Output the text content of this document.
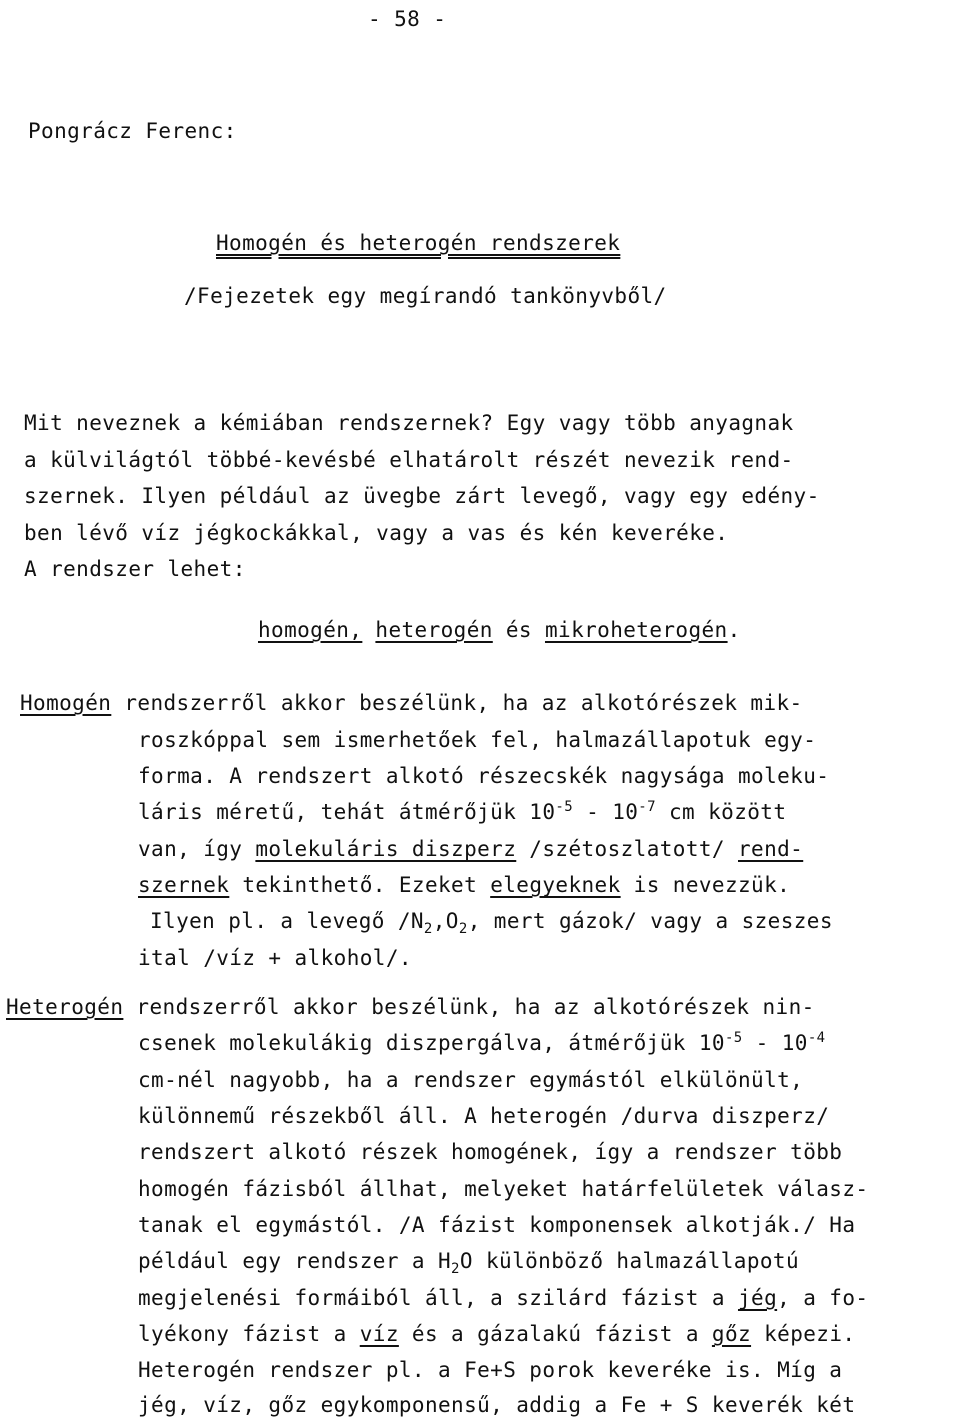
- 58 -
Pongrácz Ferenc:
Homogén és heterogén rendszerek
/Fejezetek egy megírandó tankönyvből/
Mit neveznek a kémiában rendszernek? Egy vagy több anyagnak
a külvilágtól többé-kevésbé elhatárolt részét nevezik rend-
szernek. Ilyen például az üvegbe zárt levegő, vagy egy edény-
ben lévő víz jégkockákkal, vagy a vas és kén keveréke.
A rendszer lehet:
homogén, heterogén és mikroheterogén.
Homogén rendszerről akkor beszélünk, ha az alkotórészek mik-
roszkóppal sem ismerhetőek fel, halmazállapotuk egy-
forma. A rendszert alkotó részecskék nagysága moleku-
láris méretű, tehát átmérőjük $10^{-5} - 10^{-7}$ cm között
van, így molekuláris diszperz /szétoszlatott/ rend-
szernek tekinthető. Ezeket elegyeknek is nevezzük.
Ilyen pl. a levegő $/N_2,O_2$, mert gázok/ vagy a szeszes
ital /víz + alkohol/.
Heterogén rendszerről akkor beszélünk, ha az alkotórészek nin-
csenek molekulákig diszpergálva, átmérőjük $10^{-5} - 10^{-4}$
cm-nél nagyobb, ha a rendszer egymástól elkülönült,
különnemű részekből áll. A heterogén /durva diszperz/
rendszert alkotó részek homogének, így a rendszer több
homogén fázisból állhat, melyeket határfelületek válasz-
tanak el egymástól. /A fázist komponensek alkotják./ Ha
például egy rendszer a $H_2O$ különböző halmazállapotú
megjelenési formáiból áll, a szilárd fázist a jég, a fo-
lyékony fázist a víz és a gázalakú fázist a gőz képezi.
Heterogén rendszer pl. a Fe+S porok keveréke is. Míg a
jég, víz, gőz egykomponensű, addig a Fe + S keverék két
